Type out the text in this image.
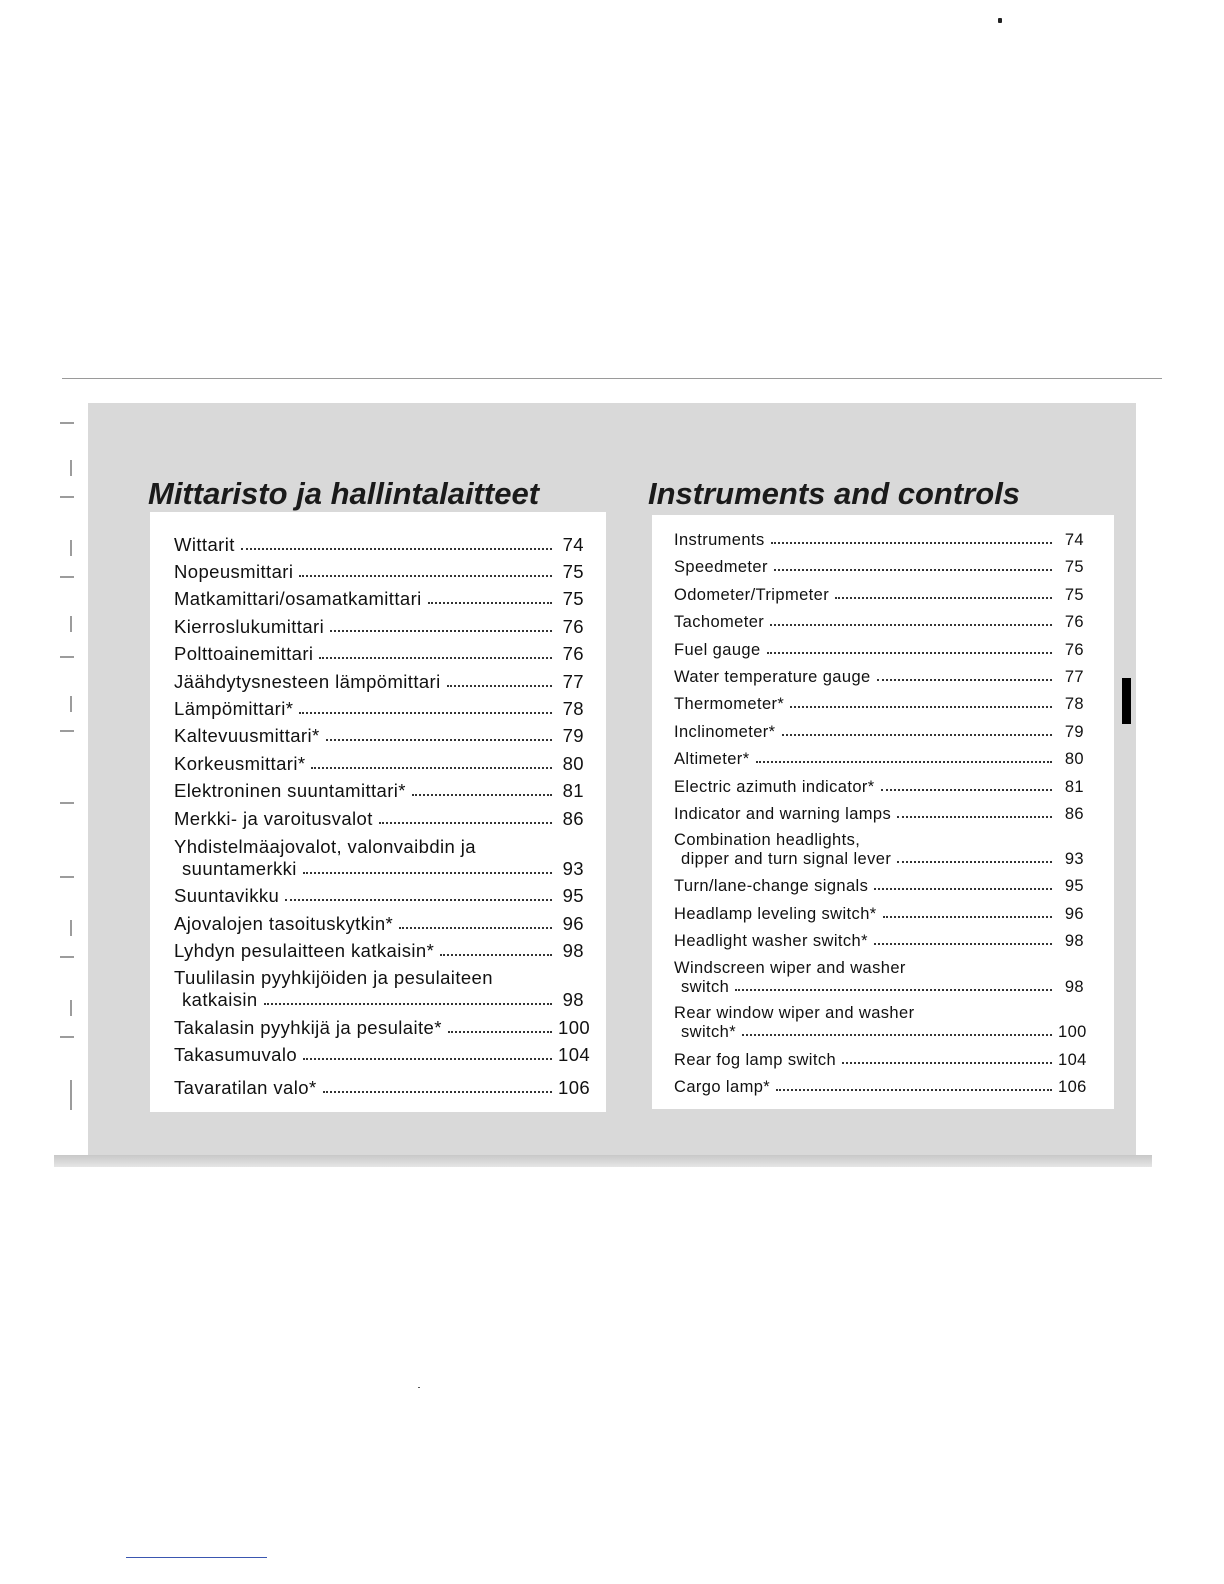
Mittaristo ja hallintalaitteet	Instruments and controls
Wittarit	74
Nopeusmittari	75
Matkamittari/osamatkamittari	75
Kierroslukumittari	76
Polttoainemittari	76
Jäähdytysnesteen lämpömittari	77
Lämpömittari*	78
Kaltevuusmittari*	79
Korkeusmittari*	80
Elektroninen suuntamittari*	81
Merkki- ja varoitusvalot	86
Yhdistelmäajovalot, valonvaibdin ja
suuntamerkki	93
Suuntavikku	95
Ajovalojen tasoituskytkin*	96
Lyhdyn pesulaitteen katkaisin*	98
Tuulilasin pyyhkijöiden ja pesulaiteen
katkaisin	98
Takalasin pyyhkijä ja pesulaite*	100
Takasumuvalo	104
Tavaratilan valo*	106
Instruments	74
Speedmeter	75
Odometer/Tripmeter	75
Tachometer	76
Fuel gauge	76
Water temperature gauge	77
Thermometer*	78
Inclinometer*	79
Altimeter*	80
Electric azimuth indicator*	81
Indicator and warning lamps	86
Combination headlights,
dipper and turn signal lever	93
Turn/lane-change signals	95
Headlamp leveling switch*	96
Headlight washer switch*	98
Windscreen wiper and washer
switch	98
Rear window wiper and washer
switch*	100
Rear fog lamp switch	104
Cargo lamp*	106
